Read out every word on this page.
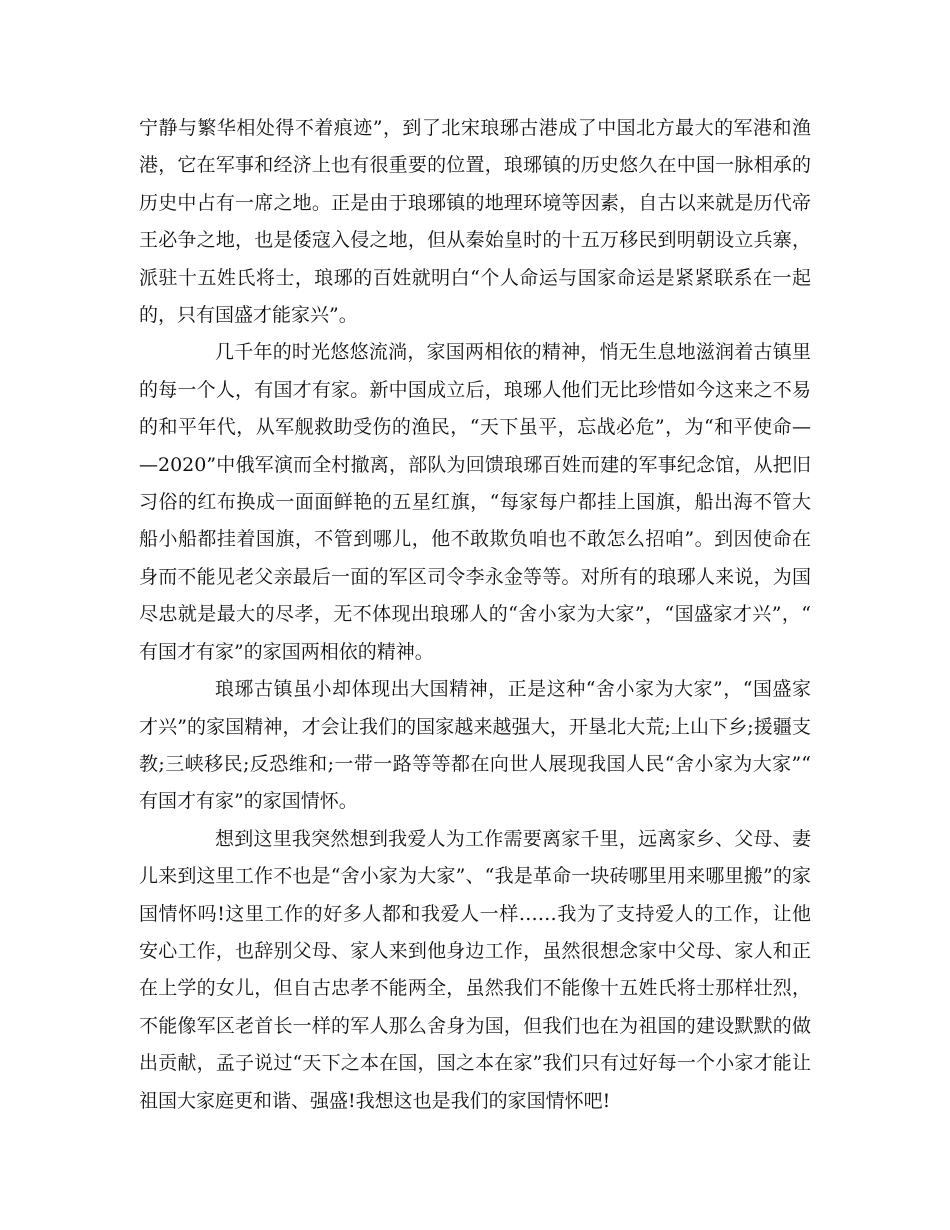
宁静与繁华相处得不着痕迹”，到了北宋琅琊古港成了中国北方最大的军港和渔港，它在军事和经济上也有很重要的位置，琅琊镇的历史悠久在中国一脉相承的历史中占有一席之地。正是由于琅琊镇的地理环境等因素，自古以来就是历代帝王必争之地，也是倭寇入侵之地，但从秦始皇时的十五万移民到明朝设立兵寨，派驻十五姓氏将士，琅琊的百姓就明白“个人命运与国家命运是紧紧联系在一起的，只有国盛才能家兴”。

几千年的时光悠悠流淌，家国两相依的精神，悄无生息地滋润着古镇里的每一个人，有国才有家。新中国成立后，琅琊人他们无比珍惜如今这来之不易的和平年代，从军舰救助受伤的渔民，“天下虽平，忘战必危”，为“和平使命——2020”中俄军演而全村撤离，部队为回馈琅琊百姓而建的军事纪念馆，从把旧习俗的红布换成一面面鲜艳的五星红旗，“每家每户都挂上国旗，船出海不管大船小船都挂着国旗，不管到哪儿，他不敢欺负咱也不敢怎么招咱”。到因使命在身而不能见老父亲最后一面的军区司令李永金等等。对所有的琅琊人来说，为国尽忠就是最大的尽孝，无不体现出琅琊人的“舍小家为大家”，“国盛家才兴”，“有国才有家”的家国两相依的精神。

琅琊古镇虽小却体现出大国精神，正是这种“舍小家为大家”，“国盛家才兴”的家国精神，才会让我们的国家越来越强大，开垦北大荒;上山下乡;援疆支教;三峡移民;反恐维和;一带一路等等都在向世人展现我国人民“舍小家为大家”“有国才有家”的家国情怀。

想到这里我突然想到我爱人为工作需要离家千里，远离家乡、父母、妻儿来到这里工作不也是“舍小家为大家”、“我是革命一块砖哪里用来哪里搬”的家国情怀吗!这里工作的好多人都和我爱人一样……我为了支持爱人的工作，让他安心工作，也辞别父母、家人来到他身边工作，虽然很想念家中父母、家人和正在上学的女儿，但自古忠孝不能两全，虽然我们不能像十五姓氏将士那样壮烈，不能像军区老首长一样的军人那么舍身为国，但我们也在为祖国的建设默默的做出贡献，孟子说过“天下之本在国，国之本在家”我们只有过好每一个小家才能让祖国大家庭更和谐、强盛!我想这也是我们的家国情怀吧!
